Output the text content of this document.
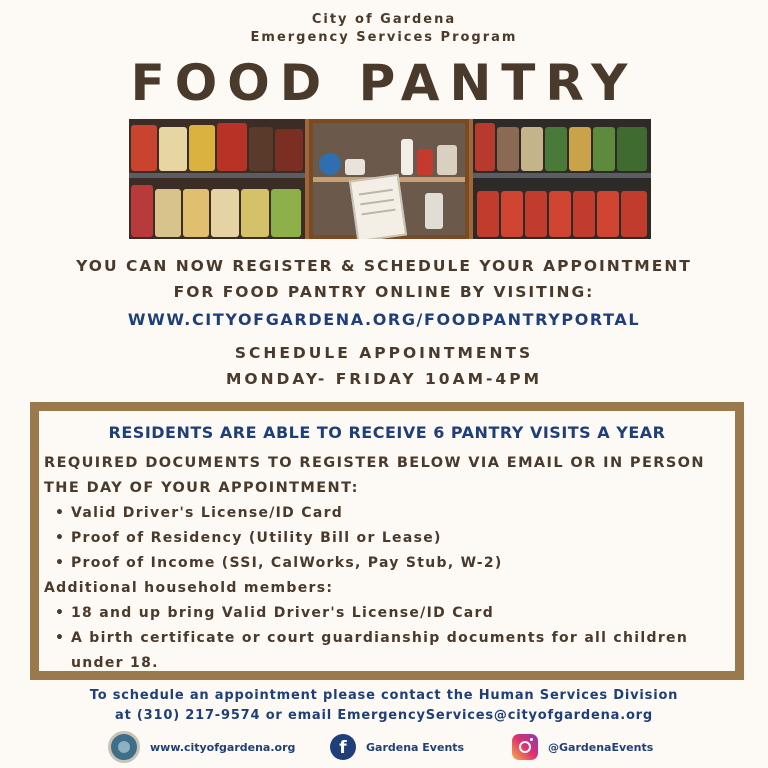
City of Gardena
Emergency Services Program
FOOD PANTRY
YOU CAN NOW REGISTER & SCHEDULE YOUR APPOINTMENT
FOR FOOD PANTRY ONLINE BY VISITING:
WWW.CITYOFGARDENA.ORG/FOODPANTRYPORTAL
SCHEDULE APPOINTMENTS
MONDAY- FRIDAY 10AM-4PM
RESIDENTS ARE ABLE TO RECEIVE 6 PANTRY VISITS A YEAR
REQUIRED DOCUMENTS TO REGISTER BELOW VIA EMAIL OR IN PERSON
THE DAY OF YOUR APPOINTMENT:
• Valid Driver's License/ID Card
• Proof of Residency (Utility Bill or Lease)
• Proof of Income (SSI, CalWorks, Pay Stub, W-2)
Additional household members:
• 18 and up bring Valid Driver's License/ID Card
• A birth certificate or court guardianship documents for all children
under 18.
To schedule an appointment please contact the Human Services Division
at (310) 217-9574 or email EmergencyServices@cityofgardena.org
www.cityofgardena.org	f	Gardena Events	@GardenaEvents
